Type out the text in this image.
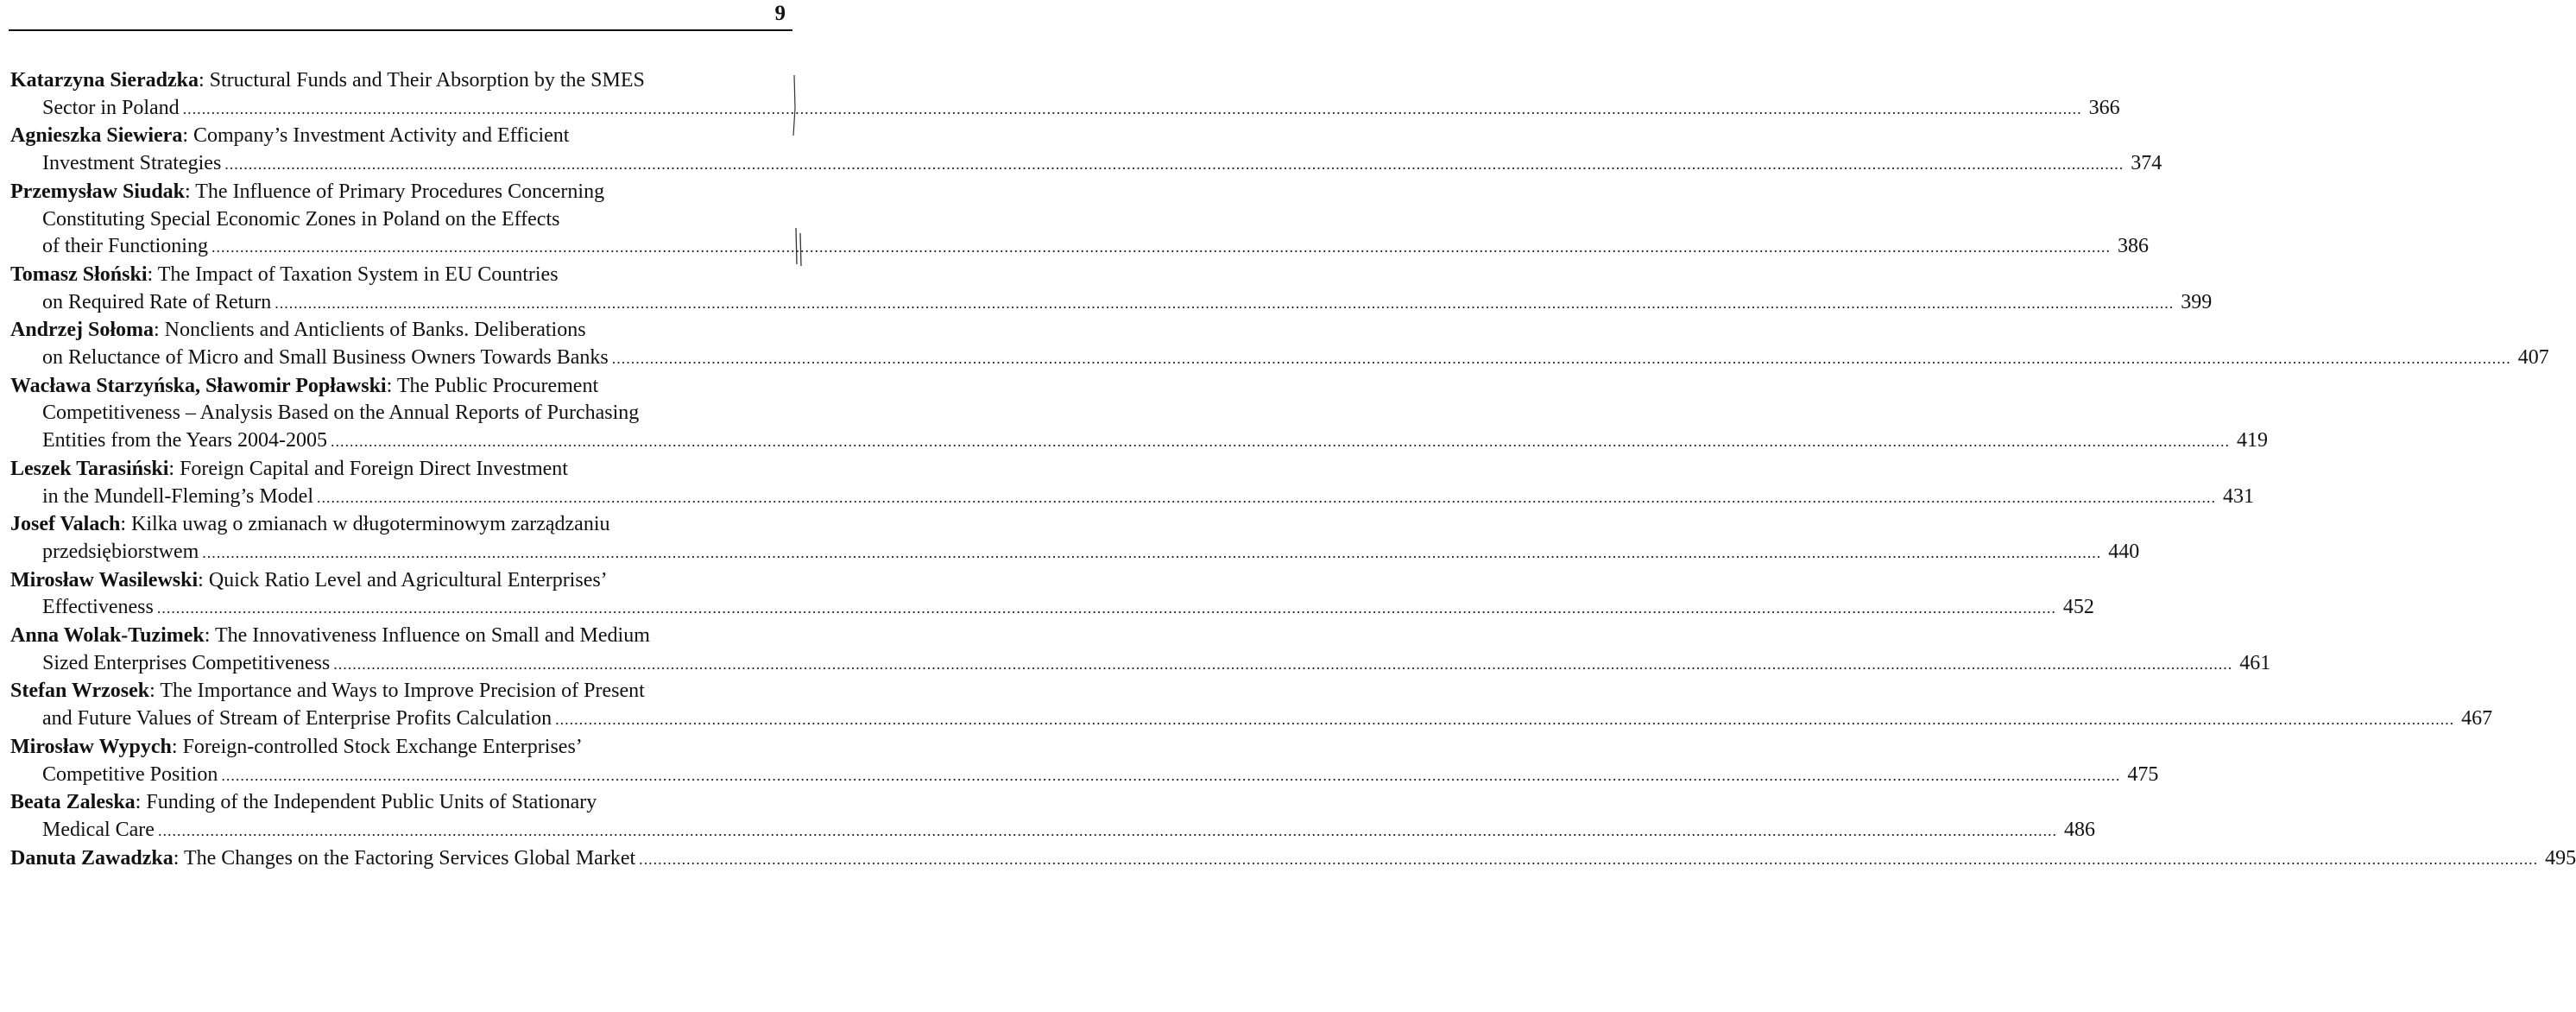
9
Katarzyna Sieradzka: Structural Funds and Their Absorption by the SMES
Sector in Poland ................................................................................................................................................................................................................................................................................................................................................................................................................ 366
Agnieszka Siewiera: Company’s Investment Activity and Efficient
Investment Strategies ................................................................................................................................................................................................................................................................................................................................................................................................................ 374
Przemysław Siudak: The Influence of Primary Procedures Concerning
Constituting Special Economic Zones in Poland on the Effects
of their Functioning ................................................................................................................................................................................................................................................................................................................................................................................................................ 386
Tomasz Słoński: The Impact of Taxation System in EU Countries
on Required Rate of Return ................................................................................................................................................................................................................................................................................................................................................................................................................ 399
Andrzej Sołoma: Nonclients and Anticlients of Banks. Deliberations
on Reluctance of Micro and Small Business Owners Towards Banks ................................................................................................................................................................................................................................................................................................................................................................................................................ 407
Wacława Starzyńska, Sławomir Popławski: The Public Procurement
Competitiveness – Analysis Based on the Annual Reports of Purchasing
Entities from the Years 2004-2005 ................................................................................................................................................................................................................................................................................................................................................................................................................ 419
Leszek Tarasiński: Foreign Capital and Foreign Direct Investment
in the Mundell-Fleming’s Model ................................................................................................................................................................................................................................................................................................................................................................................................................ 431
Josef Valach: Kilka uwag o zmianach w długoterminowym zarządzaniu
przedsiębiorstwem ................................................................................................................................................................................................................................................................................................................................................................................................................ 440
Mirosław Wasilewski: Quick Ratio Level and Agricultural Enterprises’
Effectiveness ................................................................................................................................................................................................................................................................................................................................................................................................................ 452
Anna Wolak-Tuzimek: The Innovativeness Influence on Small and Medium
Sized Enterprises Competitiveness ................................................................................................................................................................................................................................................................................................................................................................................................................ 461
Stefan Wrzosek: The Importance and Ways to Improve Precision of Present
and Future Values of Stream of Enterprise Profits Calculation ................................................................................................................................................................................................................................................................................................................................................................................................................ 467
Mirosław Wypych: Foreign-controlled Stock Exchange Enterprises’
Competitive Position ................................................................................................................................................................................................................................................................................................................................................................................................................ 475
Beata Zaleska: Funding of the Independent Public Units of Stationary
Medical Care ................................................................................................................................................................................................................................................................................................................................................................................................................ 486
Danuta Zawadzka: The Changes on the Factoring Services Global Market ................................................................................................................................................................................................................................................................................................................................................................................................................ 495
